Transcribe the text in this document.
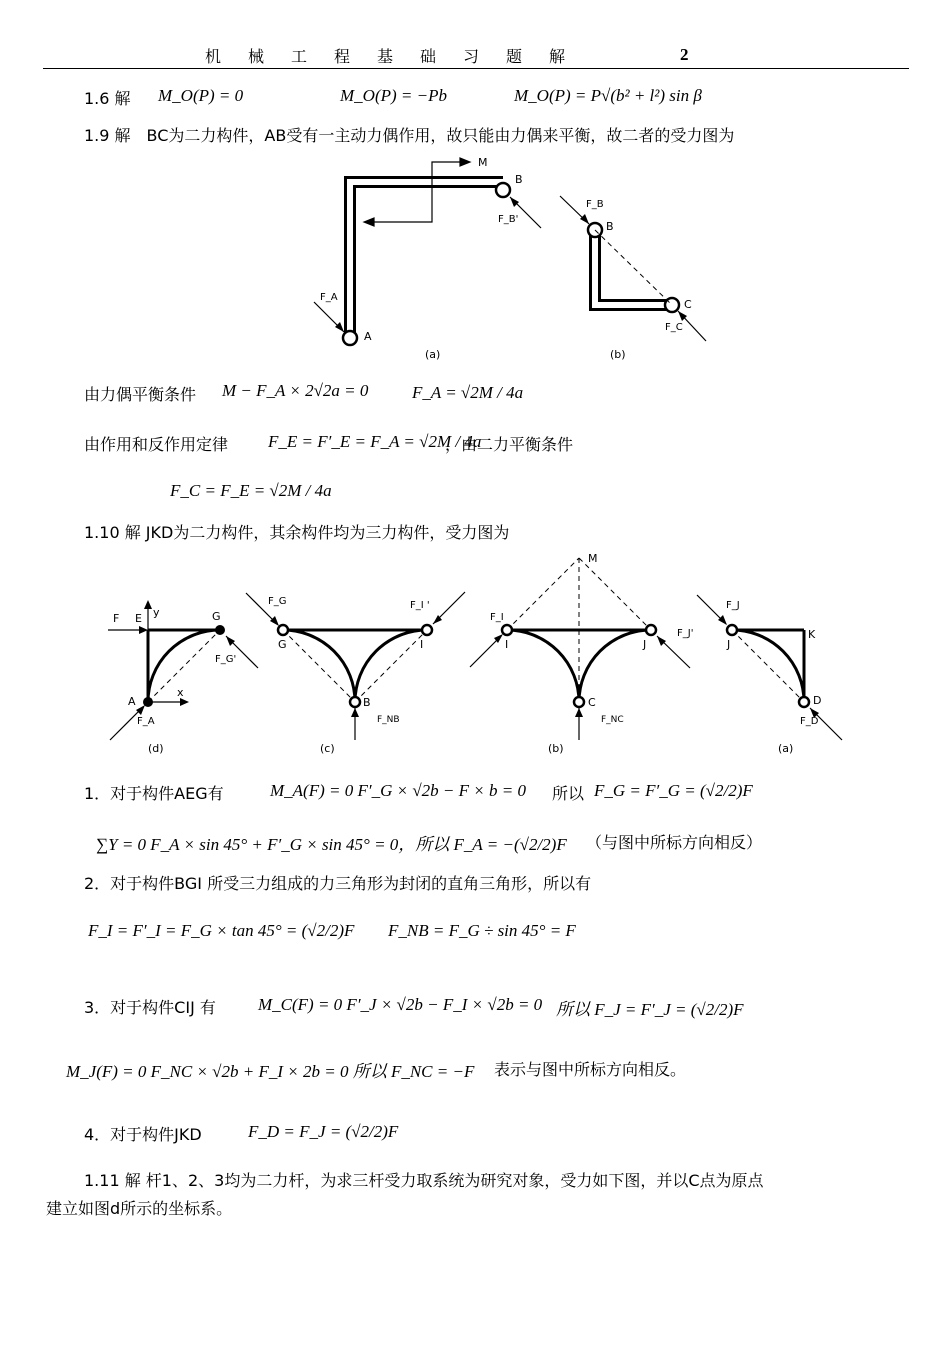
机械工程基础习题解	2
1.6 解 M_O(P) = 0	M_O(P) = −Pb	M_O(P) = P√(b² + l²) sin β
1.9 解　BC为二力构件，AB受有一主动力偶作用，故只能由力偶来平衡，故二者的受力图为
M
B
F_B'
F_A
A
(a)
F_B
B
C
F_C
(b)
由力偶平衡条件 M − F_A × 2√2a = 0	F_A = √2M / 4a
由作用和反作用定律 F_E = F′_E = F_A = √2M / 4a
，由二力平衡条件
F_C = F_E = √2M / 4a
1.10 解 JKD为二力构件，其余构件均为三力构件，受力图为
F E y	G
F_G'
A
x
F_A
(d)
F_G
G
F_I '
I
B
F_NB
(c)
M
F_I
I	J
F_J'
C
F_NC
(b)
F_J
J
K
D
F_D
(a)
1．对于构件AEG有	M_A(F) = 0 F′_G × √2b − F × b = 0 所以 F_G = F′_G = (√2/2)F
∑Y = 0 F_A × sin 45° + F′_G × sin 45° = 0，所以 F_A = −(√2/2)F （与图中所标方向相反）
2．对于构件BGI 所受三力组成的力三角形为封闭的直角三角形，所以有
F_I = F′_I = F_G × tan 45° = (√2/2)F F_NB = F_G ÷ sin 45° = F
3．对于构件CIJ 有 M_C(F) = 0 F′_J × √2b − F_I × √2b = 0 所以 F_J = F′_J = (√2/2)F
M_J(F) = 0 F_NC × √2b + F_I × 2b = 0 所以 F_NC = −F 表示与图中所标方向相反。
4．对于构件JKD	F_D = F_J = (√2/2)F
1.11 解 杆1、2、3均为二力杆，为求三杆受力取系统为研究对象，受力如下图，并以C点为原点
建立如图d所示的坐标系。
